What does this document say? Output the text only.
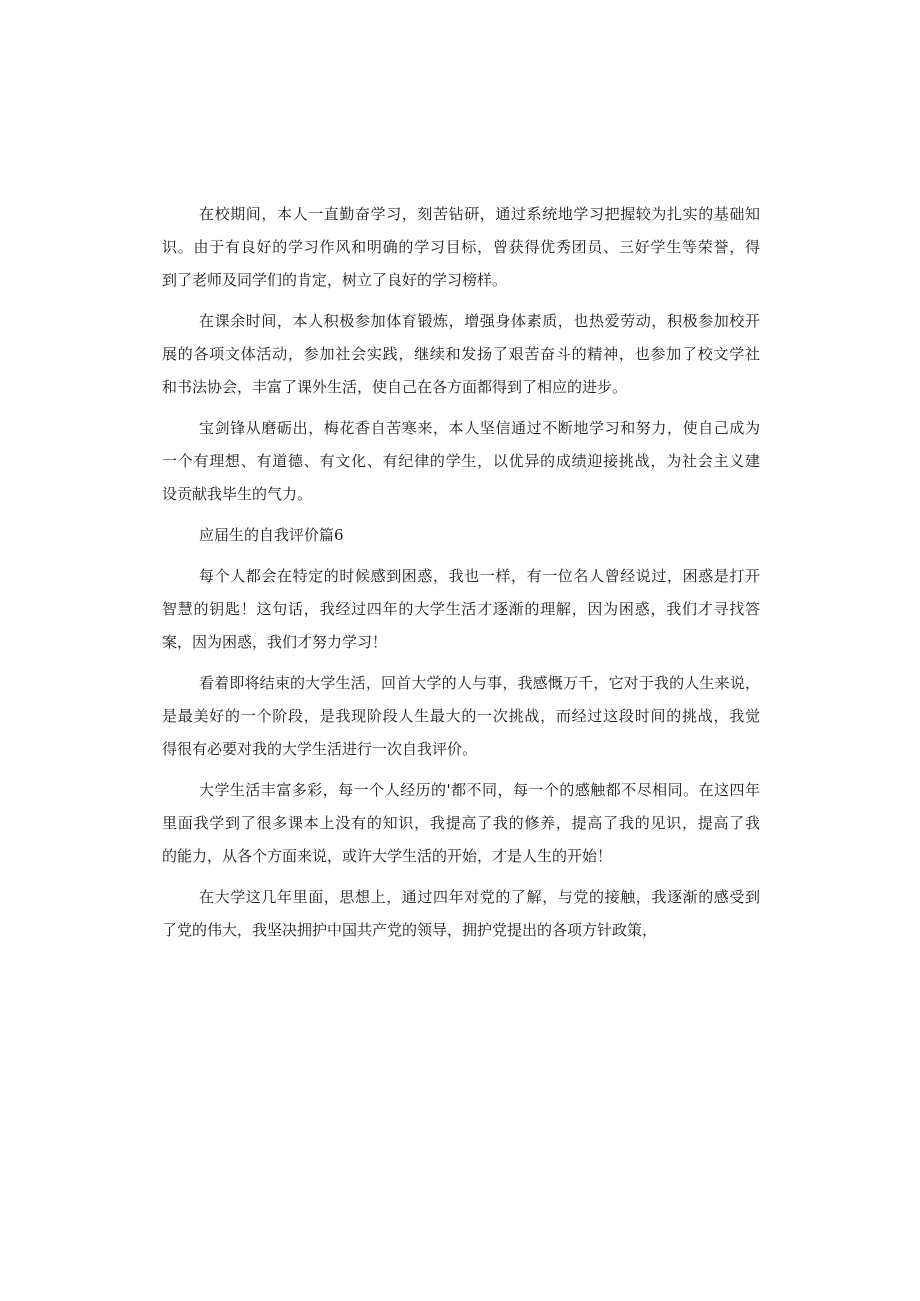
在校期间，本人一直勤奋学习，刻苦钻研，通过系统地学习把握较为扎实的基础知
识。由于有良好的学习作风和明确的学习目标，曾获得优秀团员、三好学生等荣誉，得
到了老师及同学们的肯定，树立了良好的学习榜样。
在课余时间，本人积极参加体育锻炼，增强身体素质，也热爱劳动，积极参加校开
展的各项文体活动，参加社会实践，继续和发扬了艰苦奋斗的精神，也参加了校文学社
和书法协会，丰富了课外生活，使自己在各方面都得到了相应的进步。
宝剑锋从磨砺出，梅花香自苦寒来，本人坚信通过不断地学习和努力，使自己成为
一个有理想、有道德、有文化、有纪律的学生，以优异的成绩迎接挑战，为社会主义建
设贡献我毕生的气力。
应届生的自我评价篇6
每个人都会在特定的时候感到困惑，我也一样，有一位名人曾经说过，困惑是打开
智慧的钥匙！这句话，我经过四年的大学生活才逐渐的理解，因为困惑，我们才寻找答
案，因为困惑，我们才努力学习！
看着即将结束的大学生活，回首大学的人与事，我感慨万千，它对于我的人生来说，
是最美好的一个阶段，是我现阶段人生最大的一次挑战，而经过这段时间的挑战，我觉
得很有必要对我的大学生活进行一次自我评价。
大学生活丰富多彩，每一个人经历的'都不同，每一个的感触都不尽相同。在这四年
里面我学到了很多课本上没有的知识，我提高了我的修养，提高了我的见识，提高了我
的能力，从各个方面来说，或许大学生活的开始，才是人生的开始！
在大学这几年里面，思想上，通过四年对党的了解，与党的接触，我逐渐的感受到
了党的伟大，我坚决拥护中国共产党的领导，拥护党提出的各项方针政策，
